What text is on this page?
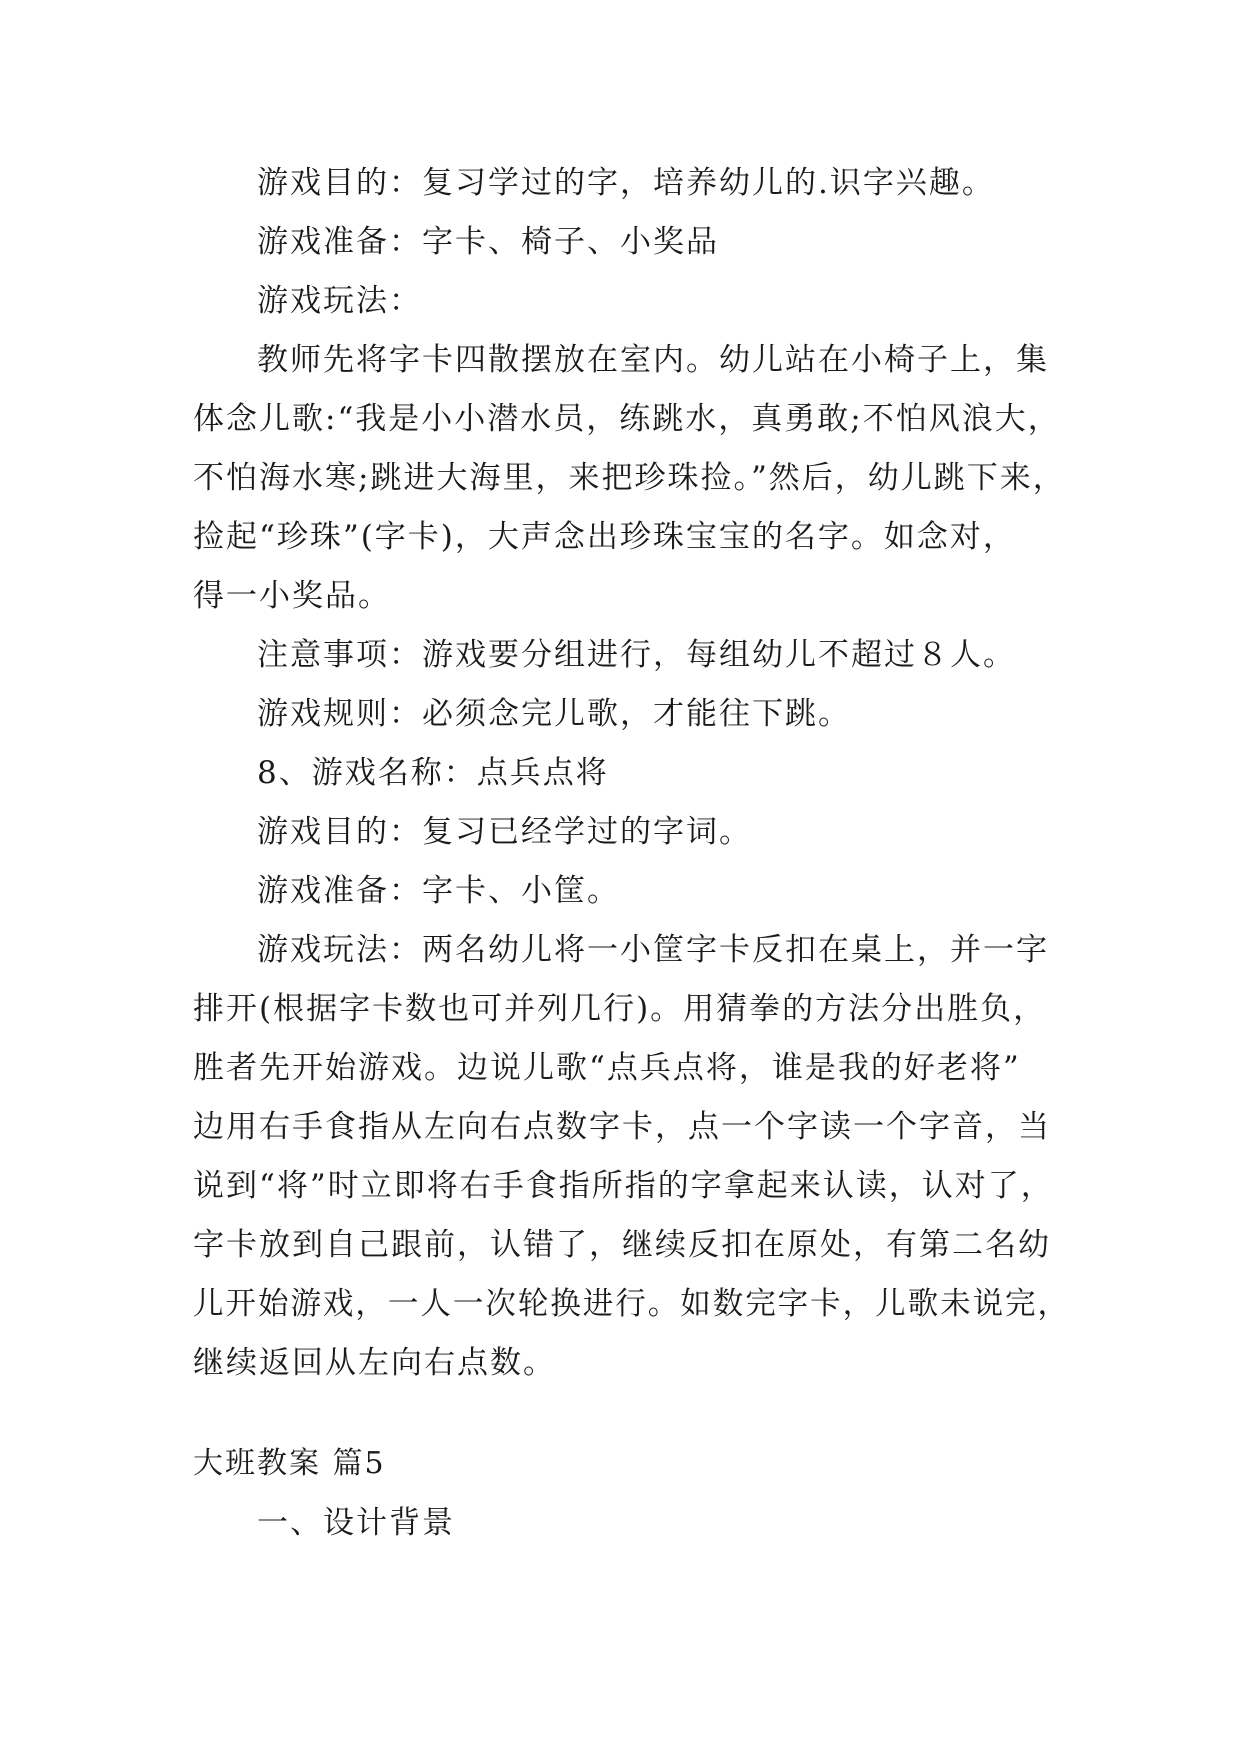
游戏目的：复习学过的字，培养幼儿的.识字兴趣。
游戏准备：字卡、椅子、小奖品
游戏玩法：
教师先将字卡四散摆放在室内。幼儿站在小椅子上，集
体念儿歌:“我是小小潜水员，练跳水，真勇敢;不怕风浪大，
不怕海水寒;跳进大海里，来把珍珠捡。”然后，幼儿跳下来，
捡起“珍珠”(字卡)，大声念出珍珠宝宝的名字。如念对，
得一小奖品。
注意事项：游戏要分组进行，每组幼儿不超过８人。
游戏规则：必须念完儿歌，才能往下跳。
8、游戏名称：点兵点将
游戏目的：复习已经学过的字词。
游戏准备：字卡、小筐。
游戏玩法：两名幼儿将一小筐字卡反扣在桌上，并一字
排开(根据字卡数也可并列几行)。用猜拳的方法分出胜负，
胜者先开始游戏。边说儿歌“点兵点将，谁是我的好老将”
边用右手食指从左向右点数字卡，点一个字读一个字音，当
说到“将”时立即将右手食指所指的字拿起来认读，认对了，
字卡放到自己跟前，认错了，继续反扣在原处，有第二名幼
儿开始游戏，一人一次轮换进行。如数完字卡，儿歌未说完，
继续返回从左向右点数。
大班教案 篇5
一、设计背景
